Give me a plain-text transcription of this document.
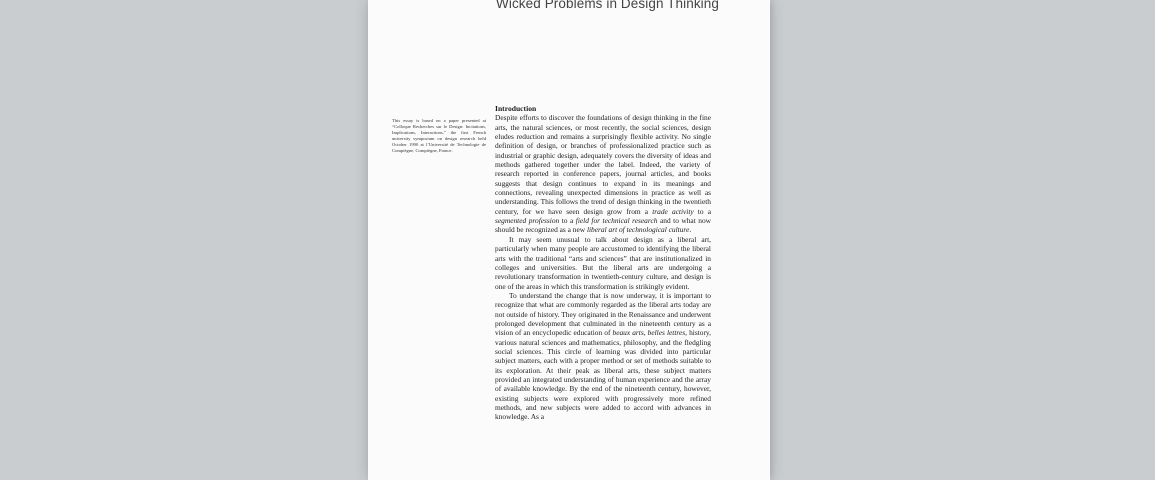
Wicked Problems in Design Thinking
This essay is based on a paper presented at “Colloque Recherches sur le Design: Incitations, Implications, Interactions,” the first French university symposium on design research held October 1990 at l’Université de Technologie de Compiègne, Compiègne, France.
Introduction

Despite efforts to discover the foundations of design thinking in the fine arts, the natural sciences, or most recently, the social sciences, design eludes reduction and remains a surprisingly flexible activity. No single definition of design, or branches of professionalized practice such as industrial or graphic design, adequately covers the diversity of ideas and methods gathered together under the label. Indeed, the variety of research reported in conference papers, journal articles, and books suggests that design continues to expand in its meanings and connections, revealing unexpected dimensions in practice as well as understanding. This follows the trend of design thinking in the twentieth century, for we have seen design grow from a trade activity to a segmented profession to a field for technical research and to what now should be recognized as a new liberal art of technological culture.

It may seem unusual to talk about design as a liberal art, particularly when many people are accustomed to identifying the liberal arts with the traditional “arts and sciences” that are institutionalized in colleges and universities. But the liberal arts are undergoing a revolutionary transformation in twentieth-century culture, and design is one of the areas in which this transformation is strikingly evident.

To understand the change that is now underway, it is important to recognize that what are commonly regarded as the liberal arts today are not outside of history. They originated in the Renaissance and underwent prolonged development that culminated in the nineteenth century as a vision of an encyclopedic education of beaux arts, belles lettres, history, various natural sciences and mathematics, philosophy, and the fledgling social sciences. This circle of learning was divided into particular subject matters, each with a proper method or set of methods suitable to its exploration. At their peak as liberal arts, these subject matters provided an integrated understanding of human experience and the array of available knowledge. By the end of the nineteenth century, however, existing subjects were explored with progressively more refined methods, and new subjects were added to accord with advances in knowledge. As a
